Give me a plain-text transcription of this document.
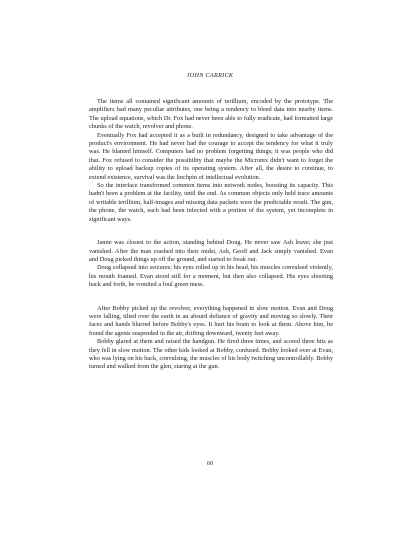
JOHN CARRICK

The items all contained significant amounts of terillium, encoded by the prototype. The amplifiers had many peculiar attributes, one being a tendency to bleed data into nearby items. The upload equations, which Dr. Fox had never been able to fully eradicate, had formatted large chunks of the watch, revolver and phone.

Eventually Fox had accepted it as a built in redundancy, designed to take advantage of the product's environment. He had never had the courage to accept the tendency for what it truly was. He blamed himself. Computers had no problem forgetting things; it was people who did that. Fox refused to consider the possibility that maybe the Micronix didn't want to forget the ability to upload backup copies of its operating system. After all, the desire to continue, to extend existence, survival was the linchpin of intellectual evolution.

So the interface transformed common items into network nodes, boosting its capacity. This hadn't been a problem at the facility, until the end. As common objects only held trace amounts of writable terillium, half-images and missing data packets were the predictable result. The gun, the phone, the watch, each had been infected with a portion of the system, yet incomplete in significant ways.

Jamie was closest to the action, standing behind Doug. He never saw Ash leave; she just vanished. After the man crashed into their midst, Ash, Geoff and Jack simply vanished. Evan and Doug picked things up off the ground, and started to freak out.

Doug collapsed into seizures; his eyes rolled up in his head, his muscles convulsed violently, his mouth foamed. Evan stood still for a moment, but then also collapsed. His eyes shooting back and forth, he vomited a foul green mess.

After Bobby picked up the revolver, everything happened in slow motion. Evan and Doug were falling, tilted over the earth in an absurd defiance of gravity and moving so slowly. Their faces and hands blurred before Bobby's eyes. It hurt his brain to look at them. Above him, he found the agents suspended in the air, drifting downward, twenty feet away.

Bobby glared at them and raised the handgun. He fired three times, and scored three hits as they fell in slow motion. The other kids looked at Bobby, confused. Bobby looked over at Evan, who was lying on his back, convulsing, the muscles of his body twitching uncontrollably. Bobby turned and walked from the glen, staring at the gun.

60
